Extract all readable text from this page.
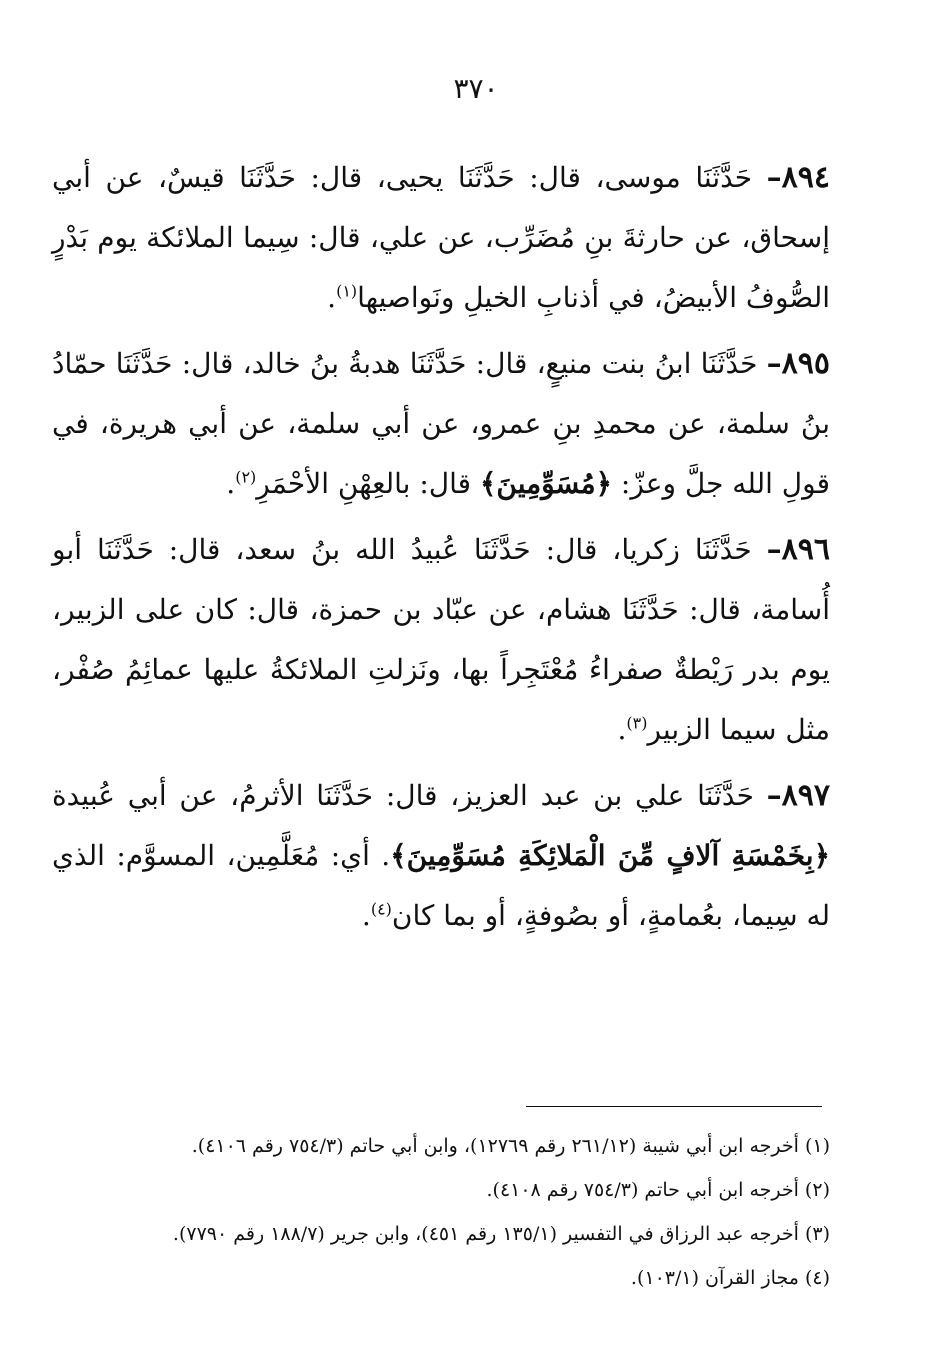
٣٧٠

٨٩٤– حَدَّثَنَا موسى، قال: حَدَّثَنَا يحيى، قال: حَدَّثَنَا قيسٌ، عن أبي إسحاق، عن حارثةَ بنِ مُضَرِّب، عن علي، قال: سِيما الملائكة يوم بَدْرٍ الصُّوفُ الأبيضُ، في أذنابِ الخيلِ ونَواصيها$^{(١)}$.

٨٩٥– حَدَّثَنَا ابنُ بنت منيعٍ، قال: حَدَّثَنَا هدبةُ بنُ خالد، قال: حَدَّثَنَا حمّادُ بنُ سلمة، عن محمدِ بنِ عمرو، عن أبي سلمة، عن أبي هريرة، في قولِ الله جلَّ وعزّ: ﴿مُسَوِّمِينَ﴾ قال: بالعِهْنِ الأحْمَرِ$^{(٢)}$.

٨٩٦– حَدَّثَنَا زكريا، قال: حَدَّثَنَا عُبيدُ الله بنُ سعد، قال: حَدَّثَنَا أبو أُسامة، قال: حَدَّثَنَا هشام، عن عبّاد بن حمزة، قال: كان على الزبير، يوم بدر رَيْطةٌ صفراءُ مُعْتَجِراً بها، ونَزلتِ الملائكةُ عليها عمائِمُ صُفْر، مثل سيما الزبير$^{(٣)}$.

٨٩٧– حَدَّثَنَا علي بن عبد العزيز، قال: حَدَّثَنَا الأثرمُ، عن أبي عُبيدة ﴿بِخَمْسَةِ آلافٍ مِّنَ الْمَلائِكَةِ مُسَوِّمِينَ﴾. أي: مُعَلَّمِين، المسوَّم: الذي له سِيما، بعُمامةٍ، أو بصُوفةٍ، أو بما كان$^{(٤)}$.

(١) أخرجه ابن أبي شيبة (٢٦١/١٢ رقم ١٢٧٦٩)، وابن أبي حاتم (٧٥٤/٣ رقم ٤١٠٦).

(٢) أخرجه ابن أبي حاتم (٧٥٤/٣ رقم ٤١٠٨).

(٣) أخرجه عبد الرزاق في التفسير (١٣٥/١ رقم ٤٥١)، وابن جرير (١٨٨/٧ رقم ٧٧٩٠).

(٤) مجاز القرآن (١٠٣/١).
